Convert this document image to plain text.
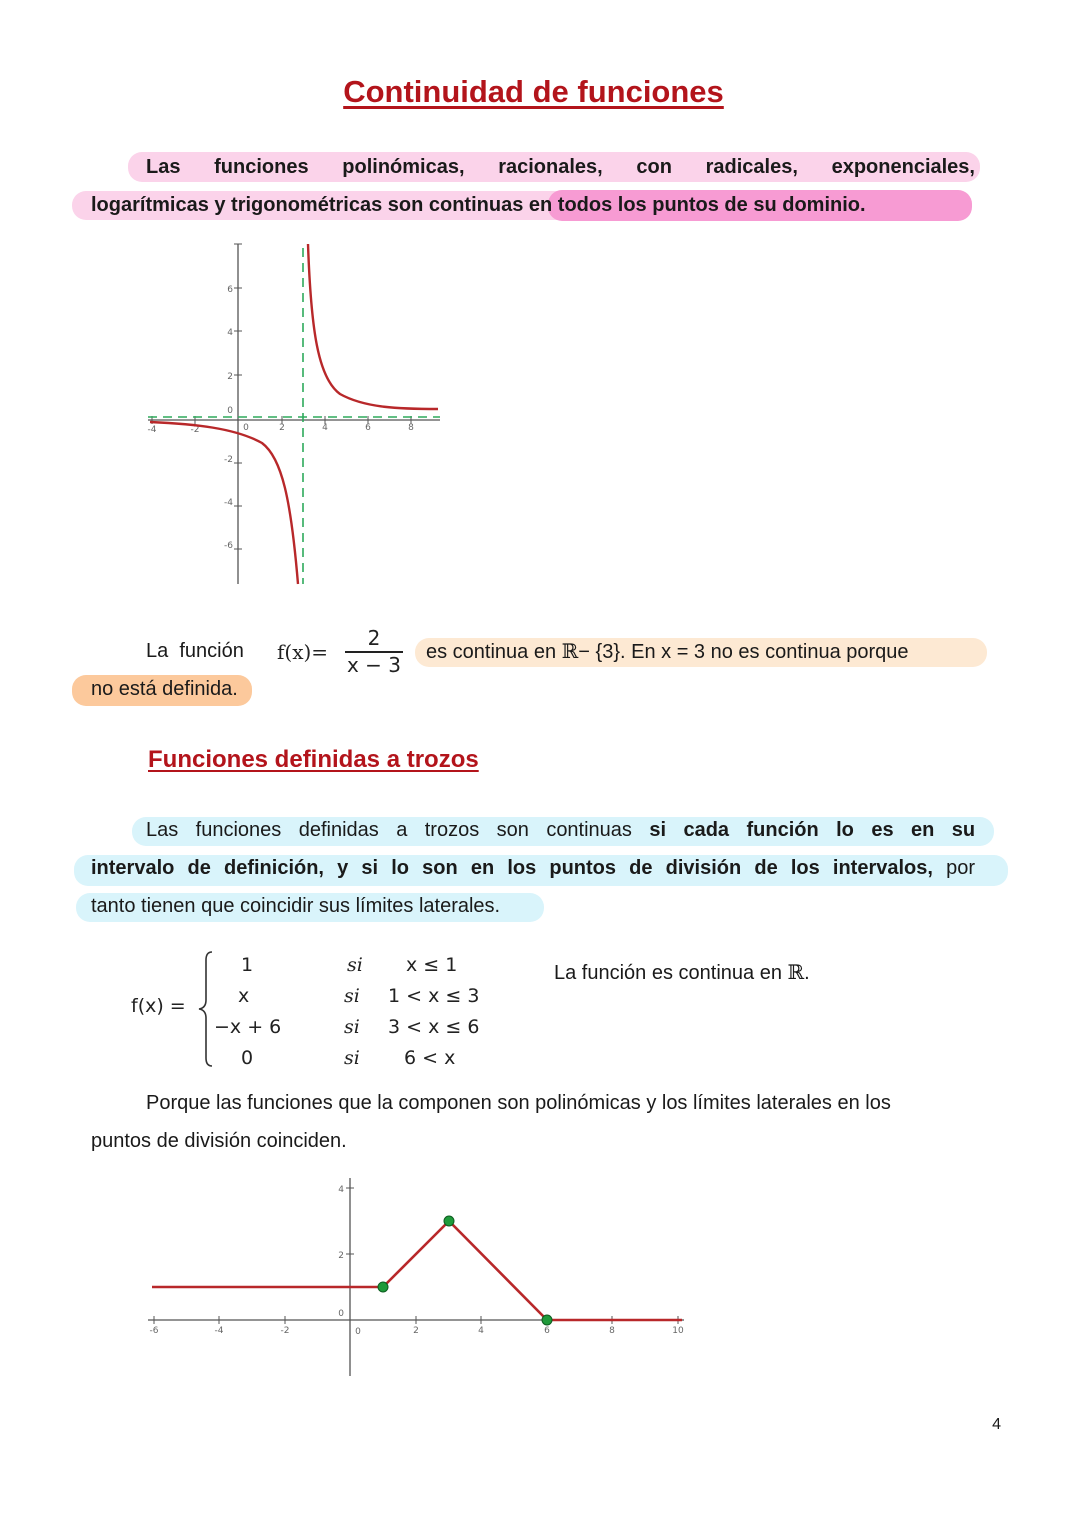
Continuidad de funciones
Las funciones polinómicas, racionales, con radicales, exponenciales,
logarítmicas y trigonométricas son continuas en todos los puntos de su dominio.
6
4
2
0
-2
-4
-6
-4	-2	0	2	4	6	8
La función f(x)=
2
x − 3
es continua en ℝ− {3}. En x = 3 no es continua porque
no está definida.
Funciones definidas a trozos
Las funciones definidas a trozos son continuas si cada función lo es en su
intervalo de definición, y si lo son en los puntos de división de los intervalos, por
tanto tienen que coincidir sus límites laterales.
f(x) =
1	si x ≤ 1
x	si 1 < x ≤ 3
−x + 6	si 3 < x ≤ 6
0	si 6 < x
La función es continua en ℝ.
Porque las funciones que la componen son polinómicas y los límites laterales en los
puntos de división coinciden.
-6	-4	-2	0	2	4	6	8	10
4
2
0
4
